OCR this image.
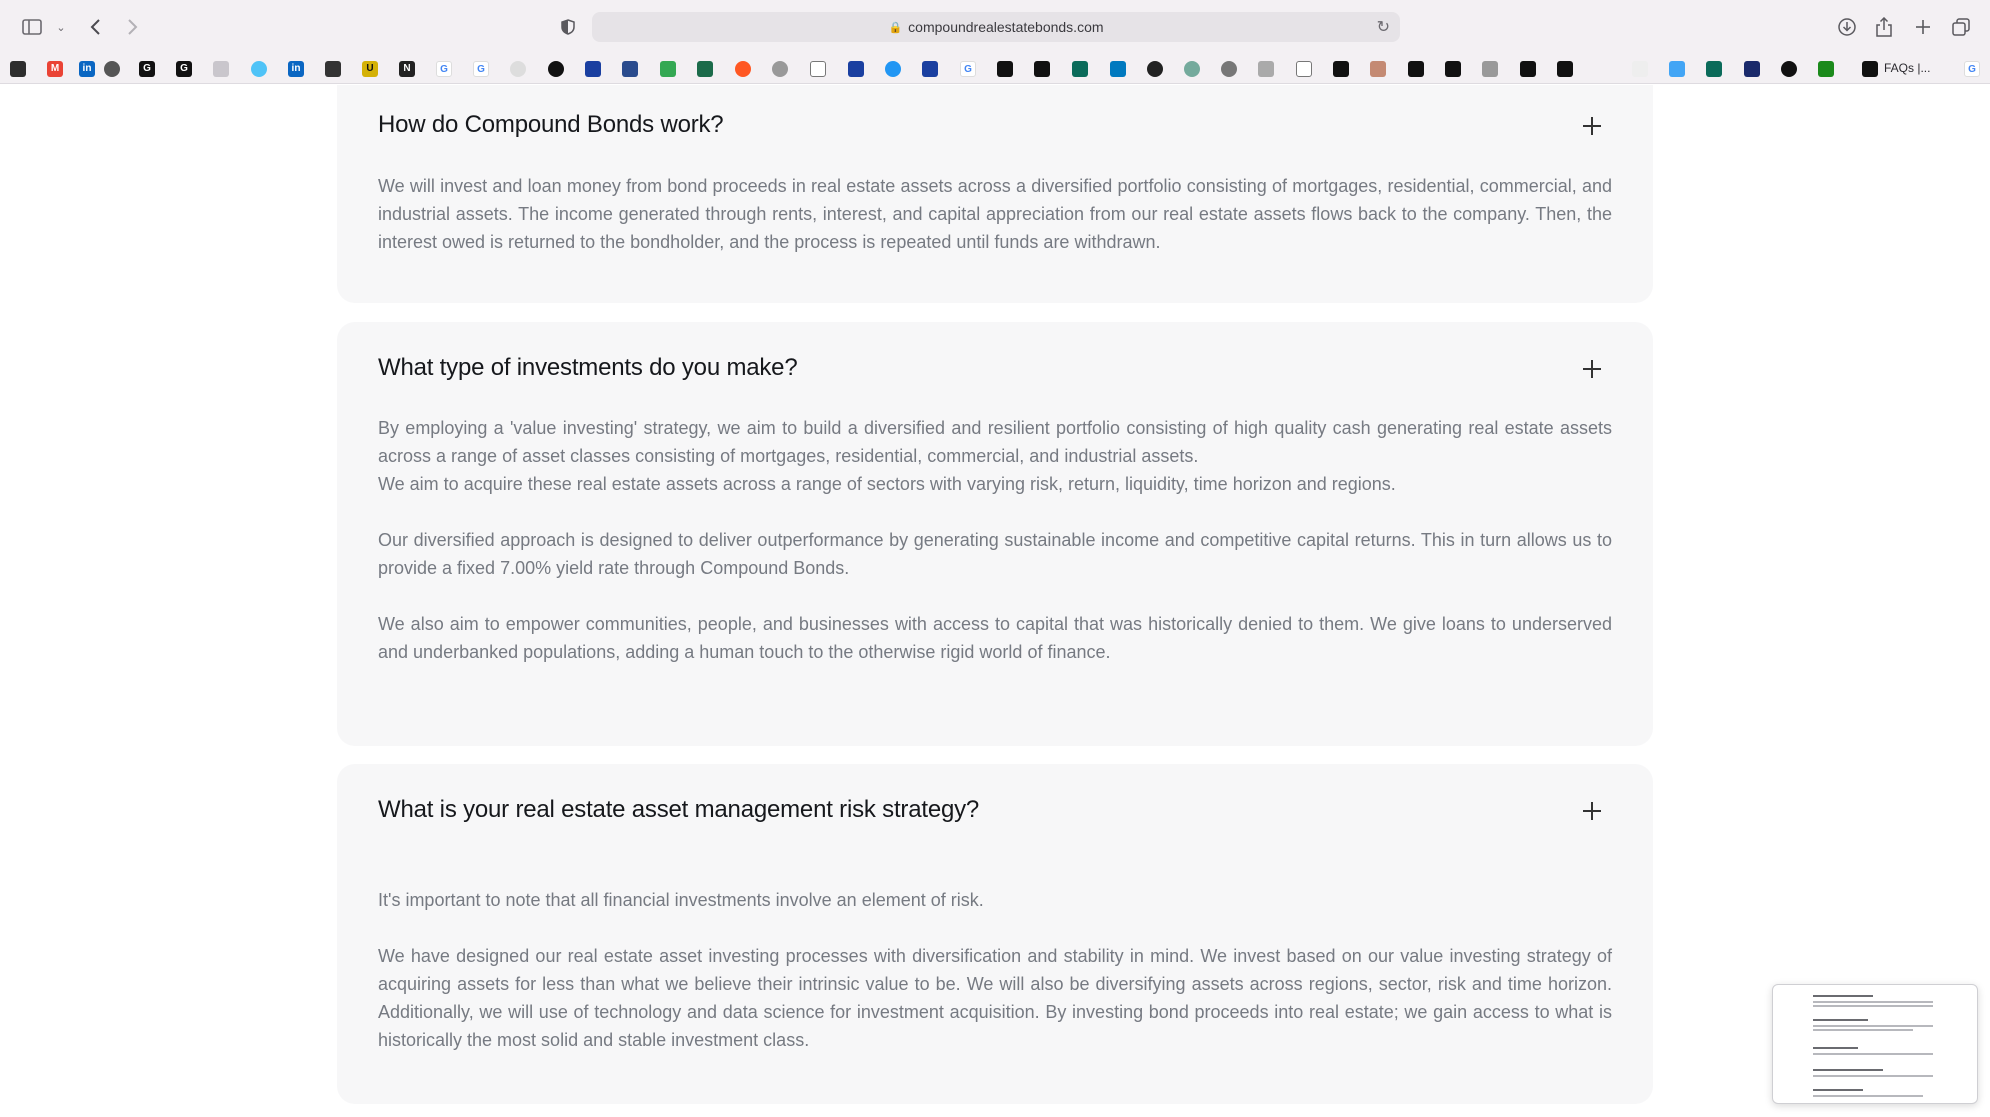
⌄	🔒 compoundrealestatebonds.com	↻
M	in	G	G	in	U	N	G	G	G	FAQs |...	G
How do Compound Bonds work?

We will invest and loan money from bond proceeds in real estate assets across a diversified portfolio consisting of mortgages, residential, commercial, and industrial assets. The income generated through rents, interest, and capital appreciation from our real estate assets flows back to the company. Then, the interest owed is returned to the bondholder, and the process is repeated until funds are withdrawn.

What type of investments do you make?

By employing a 'value investing' strategy, we aim to build a diversified and resilient portfolio consisting of high quality cash generating real estate assets across a range of asset classes consisting of mortgages, residential, commercial, and industrial assets.

We aim to acquire these real estate assets across a range of sectors with varying risk, return, liquidity, time horizon and regions.

Our diversified approach is designed to deliver outperformance by generating sustainable income and competitive capital returns. This in turn allows us to provide a fixed 7.00% yield rate through Compound Bonds.

We also aim to empower communities, people, and businesses with access to capital that was historically denied to them. We give loans to underserved and underbanked populations, adding a human touch to the otherwise rigid world of finance.

What is your real estate asset management risk strategy?

It's important to note that all financial investments involve an element of risk.

We have designed our real estate asset investing processes with diversification and stability in mind. We invest based on our value investing strategy of acquiring assets for less than what we believe their intrinsic value to be. We will also be diversifying assets across regions, sector, risk and time horizon. Additionally, we will use of technology and data science for investment acquisition. By investing bond proceeds into real estate; we gain access to what is historically the most solid and stable investment class.
